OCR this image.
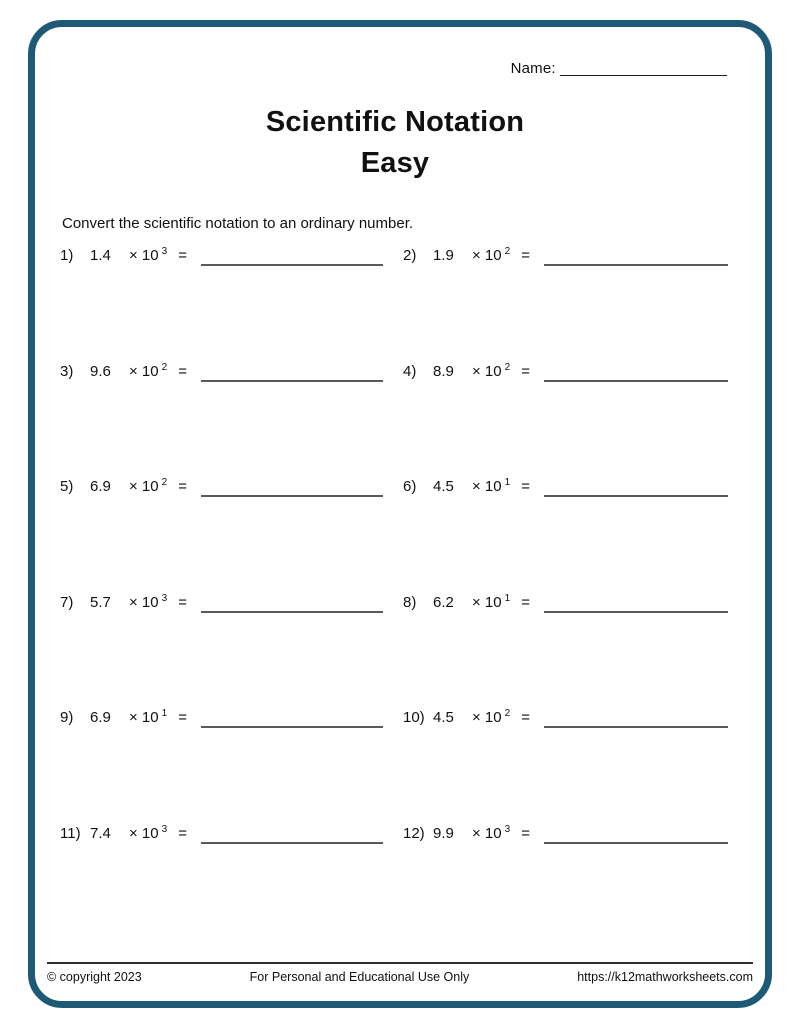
Name: ____________________
Scientific Notation
Easy
Convert the scientific notation to an ordinary number.
1)	1.4	× 10 3 =	2)	1.9	× 10 2 =
3)	9.6	× 10 2 =	4)	8.9	× 10 2 =
5)	6.9	× 10 2 =	6)	4.5	× 10 1 =
7)	5.7	× 10 3 =	8)	6.2	× 10 1 =
9)	6.9	× 10 1 =	10) 4.5	× 10 2 =
11) 7.4	× 10 3 =	12) 9.9	× 10 3 =
© copyright 2023	For Personal and Educational Use Only	https://k12mathworksheets.com
